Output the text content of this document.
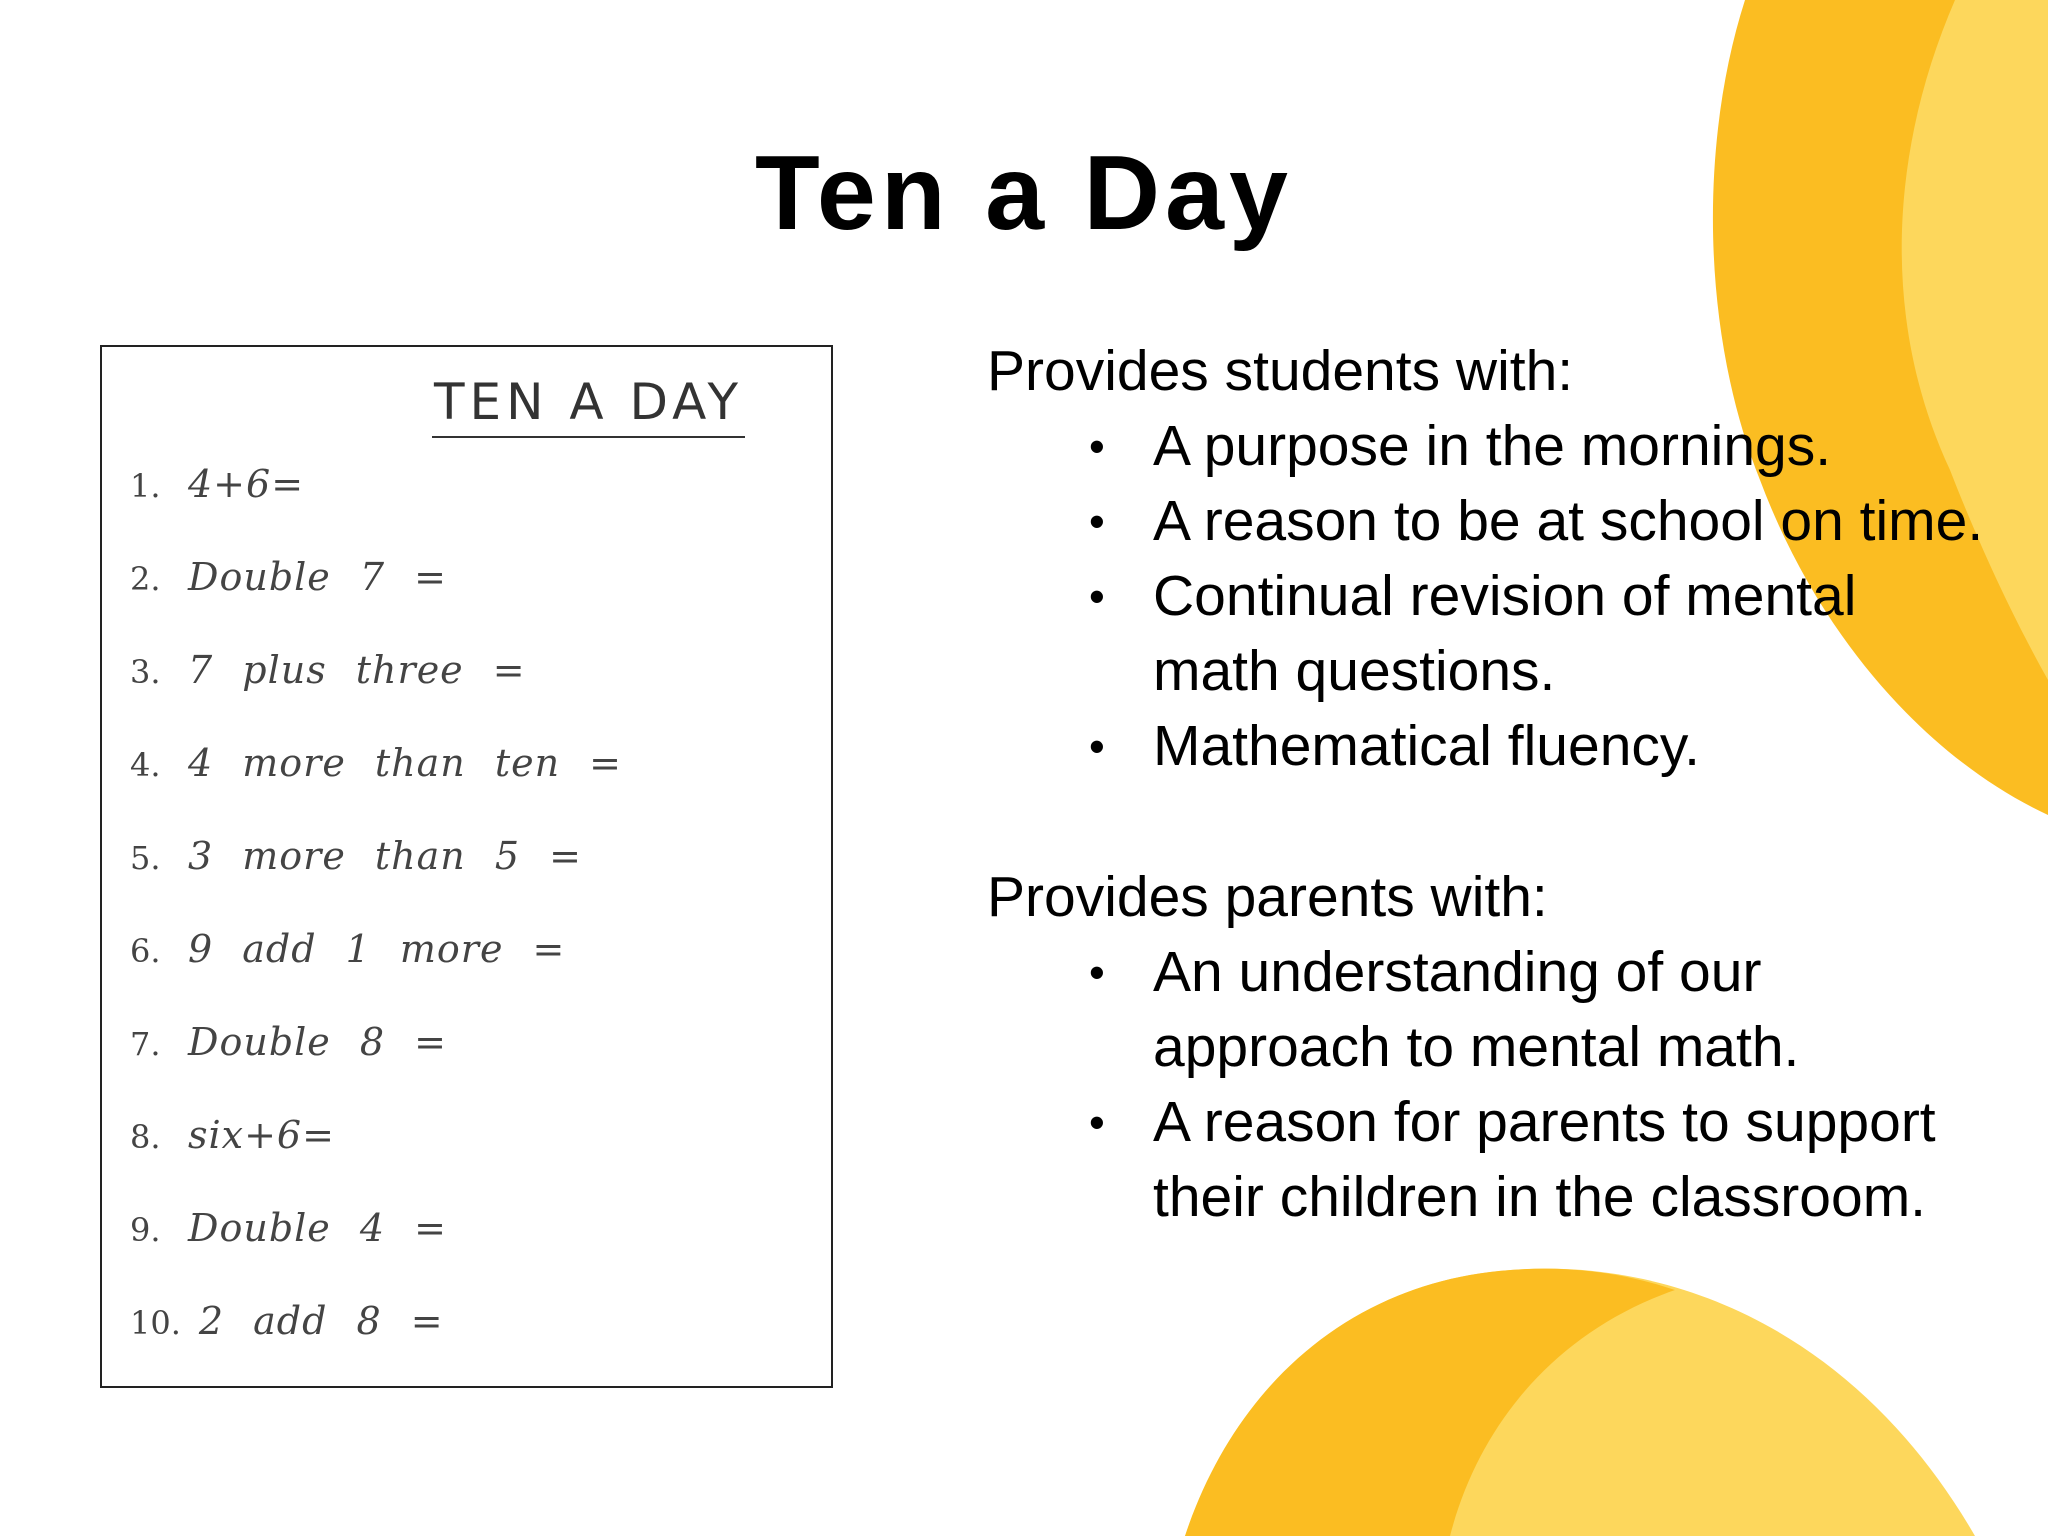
Ten a Day
TEN A DAY
1. 4+6=
2. Double 7 =
3. 7 plus three =
4. 4 more than ten =
5. 3 more than 5 =
6. 9 add 1 more =
7. Double 8 =
8. six+6=
9. Double 4 =
10. 2 add 8 =
Provides students with:
• A purpose in the mornings.
• A reason to be at school on time.
• Continual revision of mental math questions.
• Mathematical fluency.
Provides parents with:
• An understanding of our approach to mental math.
• A reason for parents to support their children in the classroom.
